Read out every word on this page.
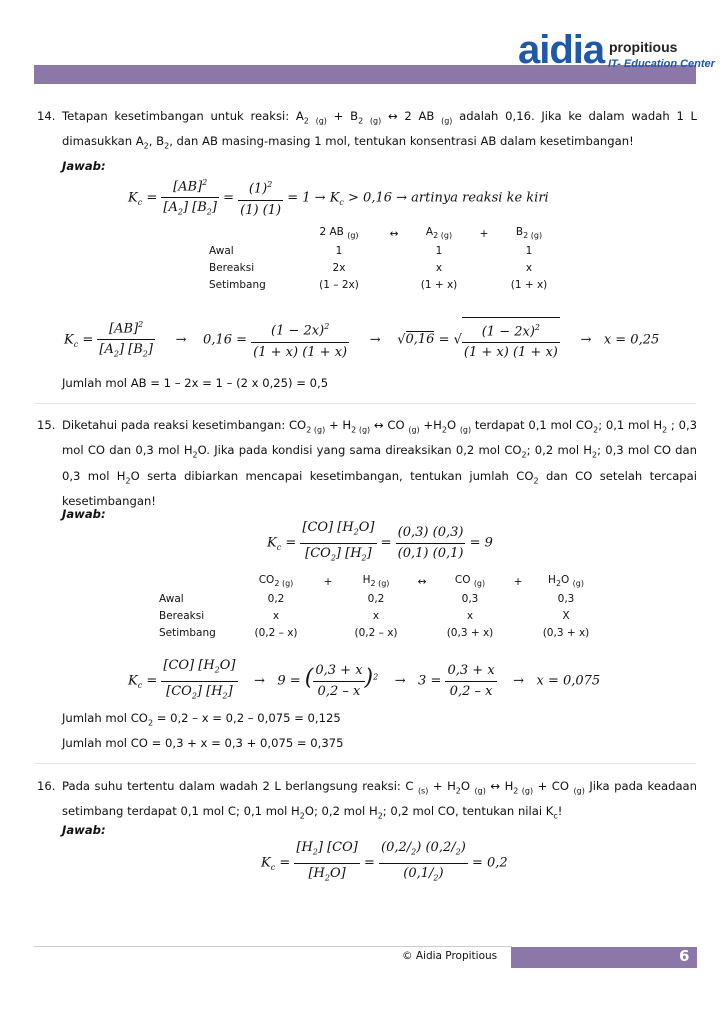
aidia propitious
IT- Education Center
14. Tetapan kesetimbangan untuk reaksi: $A_2$ $_{(g)} + B_2$ $_{(g)}$ ↔ 2 AB $_{(g)}$ adalah 0,16. Jika ke dalam wadah 1 L dimasukkan $A_2$, $B_2$, dan AB masing-masing 1 mol, tentukan konsentrasi AB dalam kesetimbangan!
Jawab:
$K_c = \frac{[AB]^2}{[A_2] [B_2]} = \frac{(1)^2}{(1) (1)} = 1 \to K_c > 0,16$ → artinya reaksi ke kiri
	2 AB $_{(g)}$	↔	$A_{2 (g)}$	+	$B_{2 (g)}$
Awal	1		1		1
Bereaksi	2x		x		x
Setimbang	(1 – 2x)		(1 + x)		(1 + x)
$K_c = \frac{[AB]^2}{[A_2] [B_2]}$ →    $0,16 = \frac{(1 - 2x)^2}{(1 + x) (1 + x)}$ →    √0,16 = √ $\frac{(1 - 2x)^2}{(1 + x) (1 + x)} \to x = 0,25$
Jumlah mol AB = 1 – 2x = 1 – (2 x 0,25) = 0,5
15. Diketahui pada reaksi kesetimbangan: $CO_{2 (g)} + H_{2 (g)}$ ↔ CO $_{(g)} +H_2O$ $_{(g)}$ terdapat 0,1 mol $CO_2$; 0,1 mol $H_2$ ; 0,3 mol CO dan 0,3 mol $H_2O$. Jika pada kondisi yang sama direaksikan 0,2 mol $CO_2$; 0,2 mol $H_2$; 0,3 mol CO dan 0,3 mol $H_2O$ serta dibiarkan mencapai kesetimbangan, tentukan jumlah $CO_2$ dan CO setelah tercapai kesetimbangan!
Jawab:
$K_c = \frac{[CO] [H_2O]}{[CO_2] [H_2]} = \frac{(0,3) (0,3)}{(0,1) (0,1)} = 9$
	$CO_{2 (g)}$	+	$H_{2 (g)}$	↔	CO $_{(g)}$	+	$H_2O$ $_{(g)}$
Awal	0,2		0,2		0,3		0,3
Bereaksi	x		x		x		X
Setimbang	(0,2 – x)		(0,2 – x)		(0,3 + x)		(0,3 + x)
$K_c = \frac{[CO] [H_2O]}{[CO_2] [H_2]} \to 9$ = ( $\frac{0,3 + x}{0,2 - x} )^2$    →   $3 = \frac{0,3 + x}{0,2 - x} \to x = 0,075$
Jumlah mol $CO_2 = 0,2 - x = 0,2 - 0,075 = 0,125$
Jumlah mol CO = 0,3 + x = 0,3 + 0,075 = 0,375
16. Pada suhu tertentu dalam wadah 2 L berlangsung reaksi: C $_{(s)} + H_2O$ $_{(g)}$ ↔ $H_{2 (g)}$ + CO $_{(g)}$ Jika pada keadaan setimbang terdapat 0,1 mol C; 0,1 mol $H_2O$; 0,2 mol $H_2$; 0,2 mol CO, tentukan nilai $K_c$!
Jawab:
$K_c = \frac{[H_2] [CO]}{[H_2O]} = \frac{(0,2/_2) (0,2/_2)}{(0,1/_2)} = 0,2$
© Aidia Propitious	6
